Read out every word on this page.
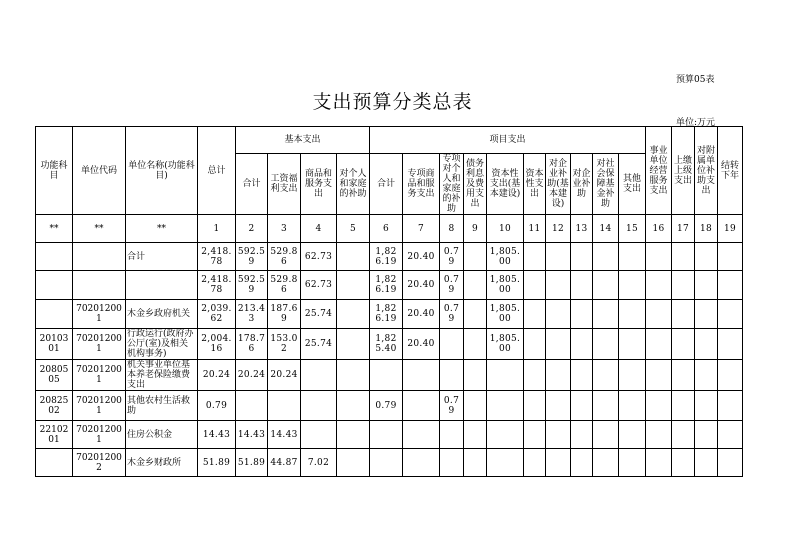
预算05表
支出预算分类总表
单位:万元
功能科目	单位代码	单位名称(功能科目)	总计	基本支出				项目支出										事业单位经营服务支出	上缴上级支出	对附属单位补助支出	结转下年
				合计	工资福利支出	商品和服务支出	对个人和家庭的补助	合计	专项商品和服务支出	专项对个人和家庭的补助	债务利息及费用支出	资本性支出(基本建设)	资本性支出	对企业补助(基本建设)	对企业补助	对社会保障基金补助	其他支出				
**	**	**	1	2	3	4	5	6	7	8	9	10	11	12	13	14	15	16	17	18	19
		合计	2,418.78	592.59	529.86	62.73		1,826.19	20.40	0.79		1,805.00									
			2,418.78	592.59	529.86	62.73		1,826.19	20.40	0.79		1,805.00									
	702012001	木金乡政府机关	2,039.62	213.43	187.69	25.74		1,826.19	20.40	0.79		1,805.00									
2010301	702012001	行政运行(政府办公厅(室)及相关机构事务)	2,004.16	178.76	153.02	25.74		1,825.40	20.40			1,805.00									
2080505	702012001	机关事业单位基本养老保险缴费支出	20.24	20.24	20.24																
2082502	702012001	其他农村生活救助	0.79					0.79		0.79											
2210201	702012001	住房公积金	14.43	14.43	14.43																
	702012002	木金乡财政所	51.89	51.89	44.87	7.02															
